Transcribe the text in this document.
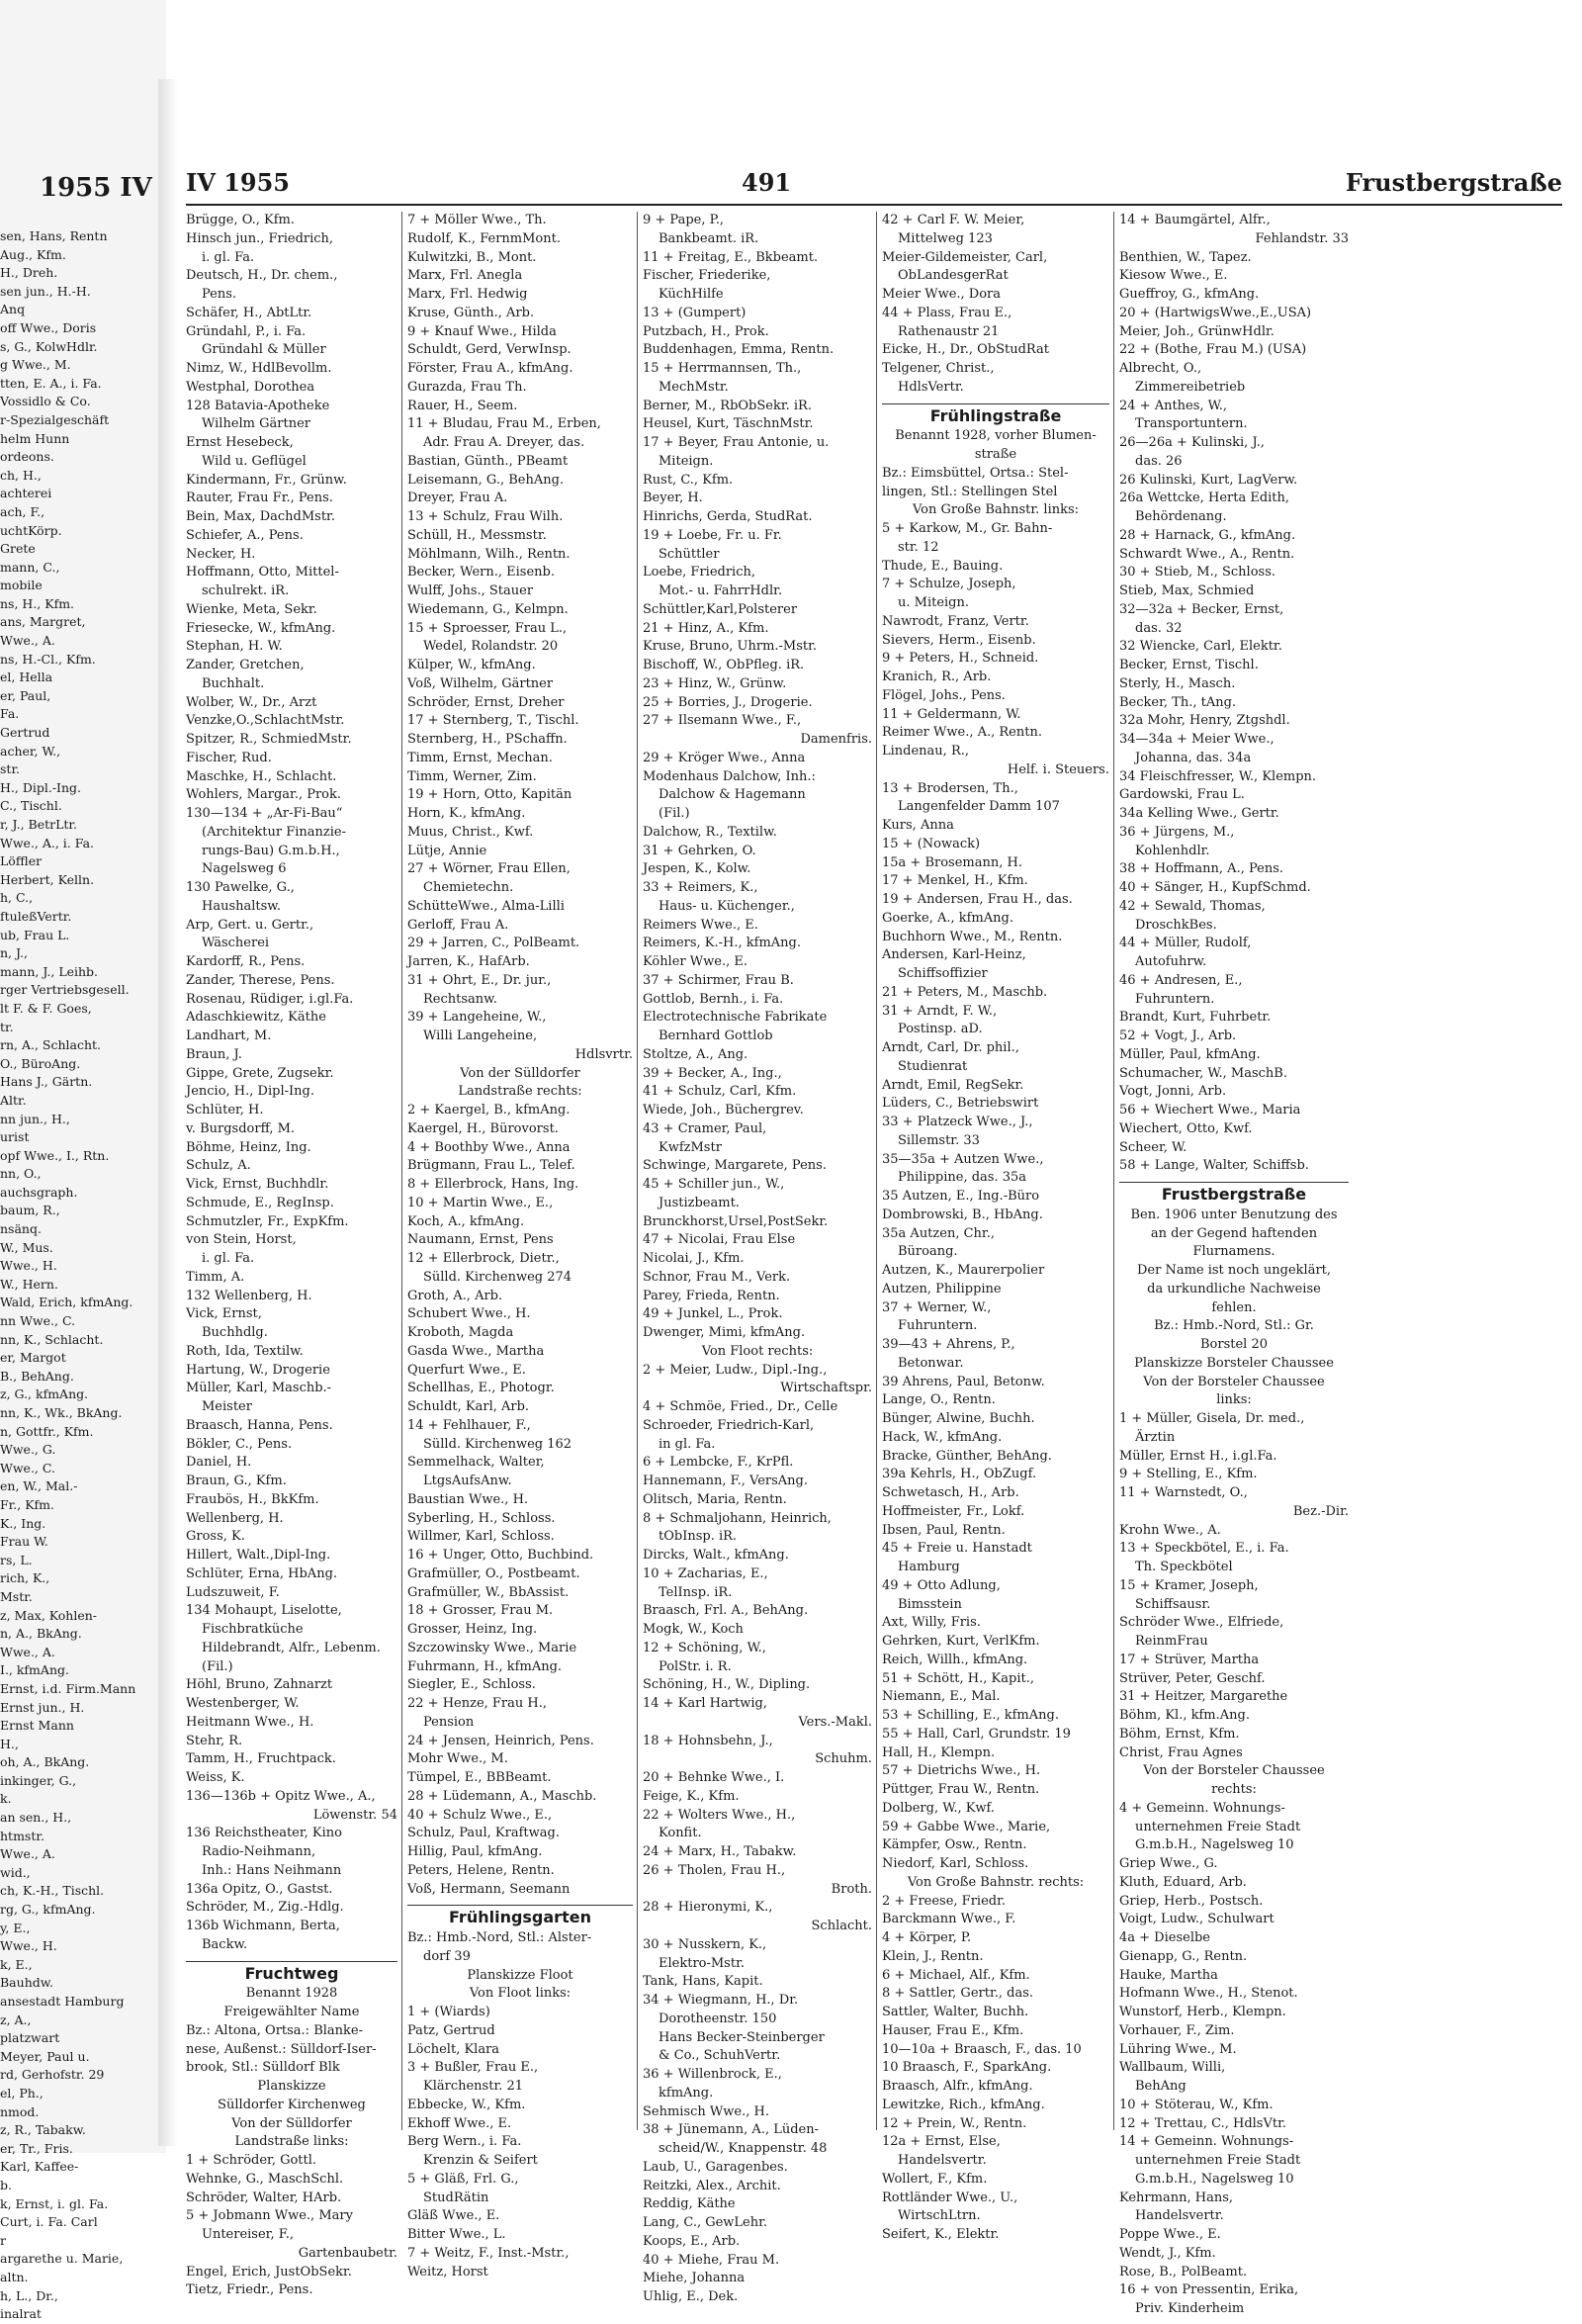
1955 IV
sen, Hans, Rentn
Aug., Kfm.
H., Dreh.
sen jun., H.-H.
Anq
off Wwe., Doris
s, G., KolwHdlr.
g Wwe., M.
tten, E. A., i. Fa.
Vossidlo & Co.
r-Spezialgeschäft
helm Hunn
ordeons.
ch, H.,
achterei
ach, F.,
uchtKörp.
Grete
mann, C.,
mobile
ns, H., Kfm.
ans, Margret,
Wwe., A.
ns, H.-Cl., Kfm.
el, Hella
er, Paul,
Fa.
Gertrud
acher, W.,
str.
H., Dipl.-Ing.
C., Tischl.
r, J., BetrLtr.
Wwe., A., i. Fa.
Löffler
Herbert, Kelln.
h, C.,
ftuleßVertr.
ub, Frau L.
n, J.,
mann, J., Leihb.
rger Vertriebsgesell.
lt F. & F. Goes,
tr.
rn, A., Schlacht.
O., BüroAng.
Hans J., Gärtn.
Altr.
nn jun., H.,
urist
opf Wwe., I., Rtn.
nn, O.,
auchsgraph.
baum, R.,
nsänq.
W., Mus.
Wwe., H.
W., Hern.
Wald, Erich, kfmAng.
nn Wwe., C.
nn, K., Schlacht.
er, Margot
B., BehAng.
z, G., kfmAng.
nn, K., Wk., BkAng.
n, Gottfr., Kfm.
Wwe., G.
Wwe., C.
en, W., Mal.-
Fr., Kfm.
K., Ing.
Frau W.
rs, L.
rich, K.,
Mstr.
z, Max, Kohlen-
n, A., BkAng.
Wwe., A.
I., kfmAng.
Ernst, i.d. Firm.Mann
Ernst jun., H.
Ernst Mann
H.,
oh, A., BkAng.
inkinger, G.,
k.
an sen., H.,
htmstr.
Wwe., A.
wid.,
ch, K.-H., Tischl.
rg, G., kfmAng.
y, E.,
Wwe., H.
k, E.,
Bauhdw.
ansestadt Hamburg
z, A.,
platzwart
Meyer, Paul u.
rd, Gerhofstr. 29
el, Ph.,
nmod.
z, R., Tabakw.
er, Tr., Fris.
Karl, Kaffee-
b.
k, Ernst, i. gl. Fa.
Curt, i. Fa. Carl
r
argarethe u. Marie,
altn.
h, L., Dr.,
inalrat
IV 1955	491	Frustbergstraße
Brügge, O., Kfm.
Hinsch jun., Friedrich,
i. gl. Fa.
Deutsch, H., Dr. chem.,
Pens.
Schäfer, H., AbtLtr.
Gründahl, P., i. Fa.
Gründahl & Müller
Nimz, W., HdlBevollm.
Westphal, Dorothea
128 Batavia-Apotheke
Wilhelm Gärtner
Ernst Hesebeck,
Wild u. Geflügel
Kindermann, Fr., Grünw.
Rauter, Frau Fr., Pens.
Bein, Max, DachdMstr.
Schiefer, A., Pens.
Necker, H.
Hoffmann, Otto, Mittel-
schulrekt. iR.
Wienke, Meta, Sekr.
Friesecke, W., kfmAng.
Stephan, H. W.
Zander, Gretchen,
Buchhalt.
Wolber, W., Dr., Arzt
Venzke,O.,SchlachtMstr.
Spitzer, R., SchmiedMstr.
Fischer, Rud.
Maschke, H., Schlacht.
Wohlers, Margar., Prok.
130—134 + „Ar-Fi-Bau“
(Architektur Finanzie-
rungs-Bau) G.m.b.H.,
Nagelsweg 6
130 Pawelke, G.,
Haushaltsw.
Arp, Gert. u. Gertr.,
Wäscherei
Kardorff, R., Pens.
Zander, Therese, Pens.
Rosenau, Rüdiger, i.gl.Fa.
Adaschkiewitz, Käthe
Landhart, M.
Braun, J.
Gippe, Grete, Zugsekr.
Jencio, H., Dipl-Ing.
Schlüter, H.
v. Burgsdorff, M.
Böhme, Heinz, Ing.
Schulz, A.
Vick, Ernst, Buchhdlr.
Schmude, E., RegInsp.
Schmutzler, Fr., ExpKfm.
von Stein, Horst,
i. gl. Fa.
Timm, A.
132 Wellenberg, H.
Vick, Ernst,
Buchhdlg.
Roth, Ida, Textilw.
Hartung, W., Drogerie
Müller, Karl, Maschb.-
Meister
Braasch, Hanna, Pens.
Bökler, C., Pens.
Daniel, H.
Braun, G., Kfm.
Fraubös, H., BkKfm.
Wellenberg, H.
Gross, K.
Hillert, Walt.,Dipl-Ing.
Schlüter, Erna, HbAng.
Ludszuweit, F.
134 Mohaupt, Liselotte,
Fischbratküche
Hildebrandt, Alfr., Lebenm.
(Fil.)
Höhl, Bruno, Zahnarzt
Westenberger, W.
Heitmann Wwe., H.
Stehr, R.
Tamm, H., Fruchtpack.
Weiss, K.
136—136b + Opitz Wwe., A.,
Löwenstr. 54
136 Reichstheater, Kino
Radio-Neihmann,
Inh.: Hans Neihmann
136a Opitz, O., Gastst.
Schröder, M., Zig.-Hdlg.
136b Wichmann, Berta,
Backw.
Fruchtweg
Benannt 1928
Freigewählter Name
Bz.: Altona, Ortsa.: Blanke-
nese, Außenst.: Sülldorf-Iser-
brook, Stl.: Sülldorf Blk
Planskizze
Sülldorfer Kirchenweg
Von der Sülldorfer
Landstraße links:
1 + Schröder, Gottl.
Wehnke, G., MaschSchl.
Schröder, Walter, HArb.
5 + Jobmann Wwe., Mary
Untereiser, F.,
Gartenbaubetr.
Engel, Erich, JustObSekr.
Tietz, Friedr., Pens.
7 + Möller Wwe., Th.
Rudolf, K., FernmMont.
Kulwitzki, B., Mont.
Marx, Frl. Anegla
Marx, Frl. Hedwig
Kruse, Günth., Arb.
9 + Knauf Wwe., Hilda
Schuldt, Gerd, VerwInsp.
Förster, Frau A., kfmAng.
Gurazda, Frau Th.
Rauer, H., Seem.
11 + Bludau, Frau M., Erben,
Adr. Frau A. Dreyer, das.
Bastian, Günth., PBeamt
Leisemann, G., BehAng.
Dreyer, Frau A.
13 + Schulz, Frau Wilh.
Schüll, H., Messmstr.
Möhlmann, Wilh., Rentn.
Becker, Wern., Eisenb.
Wulff, Johs., Stauer
Wiedemann, G., Kelmpn.
15 + Sproesser, Frau L.,
Wedel, Rolandstr. 20
Külper, W., kfmAng.
Voß, Wilhelm, Gärtner
Schröder, Ernst, Dreher
17 + Sternberg, T., Tischl.
Sternberg, H., PSchaffn.
Timm, Ernst, Mechan.
Timm, Werner, Zim.
19 + Horn, Otto, Kapitän
Horn, K., kfmAng.
Muus, Christ., Kwf.
Lütje, Annie
27 + Wörner, Frau Ellen,
Chemietechn.
SchütteWwe., Alma-Lilli
Gerloff, Frau A.
29 + Jarren, C., PolBeamt.
Jarren, K., HafArb.
31 + Ohrt, E., Dr. jur.,
Rechtsanw.
39 + Langeheine, W.,
Willi Langeheine,
Hdlsvrtr.
Von der Sülldorfer
Landstraße rechts:
2 + Kaergel, B., kfmAng.
Kaergel, H., Bürovorst.
4 + Boothby Wwe., Anna
Brügmann, Frau L., Telef.
8 + Ellerbrock, Hans, Ing.
10 + Martin Wwe., E.,
Koch, A., kfmAng.
Naumann, Ernst, Pens
12 + Ellerbrock, Dietr.,
Sülld. Kirchenweg 274
Groth, A., Arb.
Schubert Wwe., H.
Kroboth, Magda
Gasda Wwe., Martha
Querfurt Wwe., E.
Schellhas, E., Photogr.
Schuldt, Karl, Arb.
14 + Fehlhauer, F.,
Sülld. Kirchenweg 162
Semmelhack, Walter,
LtgsAufsAnw.
Baustian Wwe., H.
Syberling, H., Schloss.
Willmer, Karl, Schloss.
16 + Unger, Otto, Buchbind.
Grafmüller, O., Postbeamt.
Grafmüller, W., BbAssist.
18 + Grosser, Frau M.
Grosser, Heinz, Ing.
Szczowinsky Wwe., Marie
Fuhrmann, H., kfmAng.
Siegler, E., Schloss.
22 + Henze, Frau H.,
Pension
24 + Jensen, Heinrich, Pens.
Mohr Wwe., M.
Tümpel, E., BBBeamt.
28 + Lüdemann, A., Maschb.
40 + Schulz Wwe., E.,
Schulz, Paul, Kraftwag.
Hillig, Paul, kfmAng.
Peters, Helene, Rentn.
Voß, Hermann, Seemann
Frühlingsgarten
Bz.: Hmb.-Nord, Stl.: Alster-
dorf 39
Planskizze Floot
Von Floot links:
1 + (Wiards)
Patz, Gertrud
Löchelt, Klara
3 + Bußler, Frau E.,
Klärchenstr. 21
Ebbecke, W., Kfm.
Ekhoff Wwe., E.
Berg Wern., i. Fa.
Krenzin & Seifert
5 + Gläß, Frl. G.,
StudRätin
Gläß Wwe., E.
Bitter Wwe., L.
7 + Weitz, F., Inst.-Mstr.,
Weitz, Horst
9 + Pape, P.,
Bankbeamt. iR.
11 + Freitag, E., Bkbeamt.
Fischer, Friederike,
KüchHilfe
13 + (Gumpert)
Putzbach, H., Prok.
Buddenhagen, Emma, Rentn.
15 + Herrmannsen, Th.,
MechMstr.
Berner, M., RbObSekr. iR.
Heusel, Kurt, TäschnMstr.
17 + Beyer, Frau Antonie, u.
Miteign.
Rust, C., Kfm.
Beyer, H.
Hinrichs, Gerda, StudRat.
19 + Loebe, Fr. u. Fr.
Schüttler
Loebe, Friedrich,
Mot.- u. FahrrHdlr.
Schüttler,Karl,Polsterer
21 + Hinz, A., Kfm.
Kruse, Bruno, Uhrm.-Mstr.
Bischoff, W., ObPfleg. iR.
23 + Hinz, W., Grünw.
25 + Borries, J., Drogerie.
27 + Ilsemann Wwe., F.,
Damenfris.
29 + Kröger Wwe., Anna
Modenhaus Dalchow, Inh.:
Dalchow & Hagemann
(Fil.)
Dalchow, R., Textilw.
31 + Gehrken, O.
Jespen, K., Kolw.
33 + Reimers, K.,
Haus- u. Küchenger.,
Reimers Wwe., E.
Reimers, K.-H., kfmAng.
Köhler Wwe., E.
37 + Schirmer, Frau B.
Gottlob, Bernh., i. Fa.
Electrotechnische Fabrikate
Bernhard Gottlob
Stoltze, A., Ang.
39 + Becker, A., Ing.,
41 + Schulz, Carl, Kfm.
Wiede, Joh., Büchergrev.
43 + Cramer, Paul,
KwfzMstr
Schwinge, Margarete, Pens.
45 + Schiller jun., W.,
Justizbeamt.
Brunckhorst,Ursel,PostSekr.
47 + Nicolai, Frau Else
Nicolai, J., Kfm.
Schnor, Frau M., Verk.
Parey, Frieda, Rentn.
49 + Junkel, L., Prok.
Dwenger, Mimi, kfmAng.
Von Floot rechts:
2 + Meier, Ludw., Dipl.-Ing.,
Wirtschaftspr.
4 + Schmöe, Fried., Dr., Celle
Schroeder, Friedrich-Karl,
in gl. Fa.
6 + Lembcke, F., KrPfl.
Hannemann, F., VersAng.
Olitsch, Maria, Rentn.
8 + Schmaljohann, Heinrich,
tObInsp. iR.
Dircks, Walt., kfmAng.
10 + Zacharias, E.,
TelInsp. iR.
Braasch, Frl. A., BehAng.
Mogk, W., Koch
12 + Schöning, W.,
PolStr. i. R.
Schöning, H., W., Dipling.
14 + Karl Hartwig,
Vers.-Makl.
18 + Hohnsbehn, J.,
Schuhm.
20 + Behnke Wwe., I.
Feige, K., Kfm.
22 + Wolters Wwe., H.,
Konfit.
24 + Marx, H., Tabakw.
26 + Tholen, Frau H.,
Broth.
28 + Hieronymi, K.,
Schlacht.
30 + Nusskern, K.,
Elektro-Mstr.
Tank, Hans, Kapit.
34 + Wiegmann, H., Dr.
Dorotheenstr. 150
Hans Becker-Steinberger
& Co., SchuhVertr.
36 + Willenbrock, E.,
kfmAng.
Sehmisch Wwe., H.
38 + Jünemann, A., Lüden-
scheid/W., Knappenstr. 48
Laub, U., Garagenbes.
Reitzki, Alex., Archit.
Reddig, Käthe
Lang, C., GewLehr.
Koops, E., Arb.
40 + Miehe, Frau M.
Miehe, Johanna
Uhlig, E., Dek.
42 + Carl F. W. Meier,
Mittelweg 123
Meier-Gildemeister, Carl,
ObLandesgerRat
Meier Wwe., Dora
44 + Plass, Frau E.,
Rathenaustr 21
Eicke, H., Dr., ObStudRat
Telgener, Christ.,
HdlsVertr.
Frühlingstraße
Benannt 1928, vorher Blumen-
straße
Bz.: Eimsbüttel, Ortsa.: Stel-
lingen, Stl.: Stellingen Stel
Von Große Bahnstr. links:
5 + Karkow, M., Gr. Bahn-
str. 12
Thude, E., Bauing.
7 + Schulze, Joseph,
u. Miteign.
Nawrodt, Franz, Vertr.
Sievers, Herm., Eisenb.
9 + Peters, H., Schneid.
Kranich, R., Arb.
Flögel, Johs., Pens.
11 + Geldermann, W.
Reimer Wwe., A., Rentn.
Lindenau, R.,
Helf. i. Steuers.
13 + Brodersen, Th.,
Langenfelder Damm 107
Kurs, Anna
15 + (Nowack)
15a + Brosemann, H.
17 + Menkel, H., Kfm.
19 + Andersen, Frau H., das.
Goerke, A., kfmAng.
Buchhorn Wwe., M., Rentn.
Andersen, Karl-Heinz,
Schiffsoffizier
21 + Peters, M., Maschb.
31 + Arndt, F. W.,
Postinsp. aD.
Arndt, Carl, Dr. phil.,
Studienrat
Arndt, Emil, RegSekr.
Lüders, C., Betriebswirt
33 + Platzeck Wwe., J.,
Sillemstr. 33
35—35a + Autzen Wwe.,
Philippine, das. 35a
35 Autzen, E., Ing.-Büro
Dombrowski, B., HbAng.
35a Autzen, Chr.,
Büroang.
Autzen, K., Maurerpolier
Autzen, Philippine
37 + Werner, W.,
Fuhruntern.
39—43 + Ahrens, P.,
Betonwar.
39 Ahrens, Paul, Betonw.
Lange, O., Rentn.
Bünger, Alwine, Buchh.
Hack, W., kfmAng.
Bracke, Günther, BehAng.
39a Kehrls, H., ObZugf.
Schwetasch, H., Arb.
Hoffmeister, Fr., Lokf.
Ibsen, Paul, Rentn.
45 + Freie u. Hanstadt
Hamburg
49 + Otto Adlung,
Bimsstein
Axt, Willy, Fris.
Gehrken, Kurt, VerlKfm.
Reich, Willh., kfmAng.
51 + Schött, H., Kapit.,
Niemann, E., Mal.
53 + Schilling, E., kfmAng.
55 + Hall, Carl, Grundstr. 19
Hall, H., Klempn.
57 + Dietrichs Wwe., H.
Püttger, Frau W., Rentn.
Dolberg, W., Kwf.
59 + Gabbe Wwe., Marie,
Kämpfer, Osw., Rentn.
Niedorf, Karl, Schloss.
Von Große Bahnstr. rechts:
2 + Freese, Friedr.
Barckmann Wwe., F.
4 + Körper, P.
Klein, J., Rentn.
6 + Michael, Alf., Kfm.
8 + Sattler, Gertr., das.
Sattler, Walter, Buchh.
Hauser, Frau E., Kfm.
10—10a + Braasch, F., das. 10
10 Braasch, F., SparkAng.
Braasch, Alfr., kfmAng.
Lewitzke, Rich., kfmAng.
12 + Prein, W., Rentn.
12a + Ernst, Else,
Handelsvertr.
Wollert, F., Kfm.
Rottländer Wwe., U.,
WirtschLtrn.
Seifert, K., Elektr.
14 + Baumgärtel, Alfr.,
Fehlandstr. 33
Benthien, W., Tapez.
Kiesow Wwe., E.
Gueffroy, G., kfmAng.
20 + (HartwigsWwe.,E.,USA)
Meier, Joh., GrünwHdlr.
22 + (Bothe, Frau M.) (USA)
Albrecht, O.,
Zimmereibetrieb
24 + Anthes, W.,
Transportuntern.
26—26a + Kulinski, J.,
das. 26
26 Kulinski, Kurt, LagVerw.
26a Wettcke, Herta Edith,
Behördenang.
28 + Harnack, G., kfmAng.
Schwardt Wwe., A., Rentn.
30 + Stieb, M., Schloss.
Stieb, Max, Schmied
32—32a + Becker, Ernst,
das. 32
32 Wiencke, Carl, Elektr.
Becker, Ernst, Tischl.
Sterly, H., Masch.
Becker, Th., tAng.
32a Mohr, Henry, Ztgshdl.
34—34a + Meier Wwe.,
Johanna, das. 34a
34 Fleischfresser, W., Klempn.
Gardowski, Frau L.
34a Kelling Wwe., Gertr.
36 + Jürgens, M.,
Kohlenhdlr.
38 + Hoffmann, A., Pens.
40 + Sänger, H., KupfSchmd.
42 + Sewald, Thomas,
DroschkBes.
44 + Müller, Rudolf,
Autofuhrw.
46 + Andresen, E.,
Fuhruntern.
Brandt, Kurt, Fuhrbetr.
52 + Vogt, J., Arb.
Müller, Paul, kfmAng.
Schumacher, W., MaschB.
Vogt, Jonni, Arb.
56 + Wiechert Wwe., Maria
Wiechert, Otto, Kwf.
Scheer, W.
58 + Lange, Walter, Schiffsb.
Frustbergstraße
Ben. 1906 unter Benutzung des
an der Gegend haftenden
Flurnamens.
Der Name ist noch ungeklärt,
da urkundliche Nachweise
fehlen.
Bz.: Hmb.-Nord, Stl.: Gr.
Borstel 20
Planskizze Borsteler Chaussee
Von der Borsteler Chaussee
links:
1 + Müller, Gisela, Dr. med.,
Ärztin
Müller, Ernst H., i.gl.Fa.
9 + Stelling, E., Kfm.
11 + Warnstedt, O.,
Bez.-Dir.
Krohn Wwe., A.
13 + Speckbötel, E., i. Fa.
Th. Speckbötel
15 + Kramer, Joseph,
Schiffsausr.
Schröder Wwe., Elfriede,
ReinmFrau
17 + Strüver, Martha
Strüver, Peter, Geschf.
31 + Heitzer, Margarethe
Böhm, Kl., kfm.Ang.
Böhm, Ernst, Kfm.
Christ, Frau Agnes
Von der Borsteler Chaussee
rechts:
4 + Gemeinn. Wohnungs-
unternehmen Freie Stadt
G.m.b.H., Nagelsweg 10
Griep Wwe., G.
Kluth, Eduard, Arb.
Griep, Herb., Postsch.
Voigt, Ludw., Schulwart
4a + Dieselbe
Gienapp, G., Rentn.
Hauke, Martha
Hofmann Wwe., H., Stenot.
Wunstorf, Herb., Klempn.
Vorhauer, F., Zim.
Lühring Wwe., M.
Wallbaum, Willi,
BehAng
10 + Stöterau, W., Kfm.
12 + Trettau, C., HdlsVtr.
14 + Gemeinn. Wohnungs-
unternehmen Freie Stadt
G.m.b.H., Nagelsweg 10
Kehrmann, Hans,
Handelsvertr.
Poppe Wwe., E.
Wendt, J., Kfm.
Rose, B., PolBeamt.
16 + von Pressentin, Erika,
Priv. Kinderheim
